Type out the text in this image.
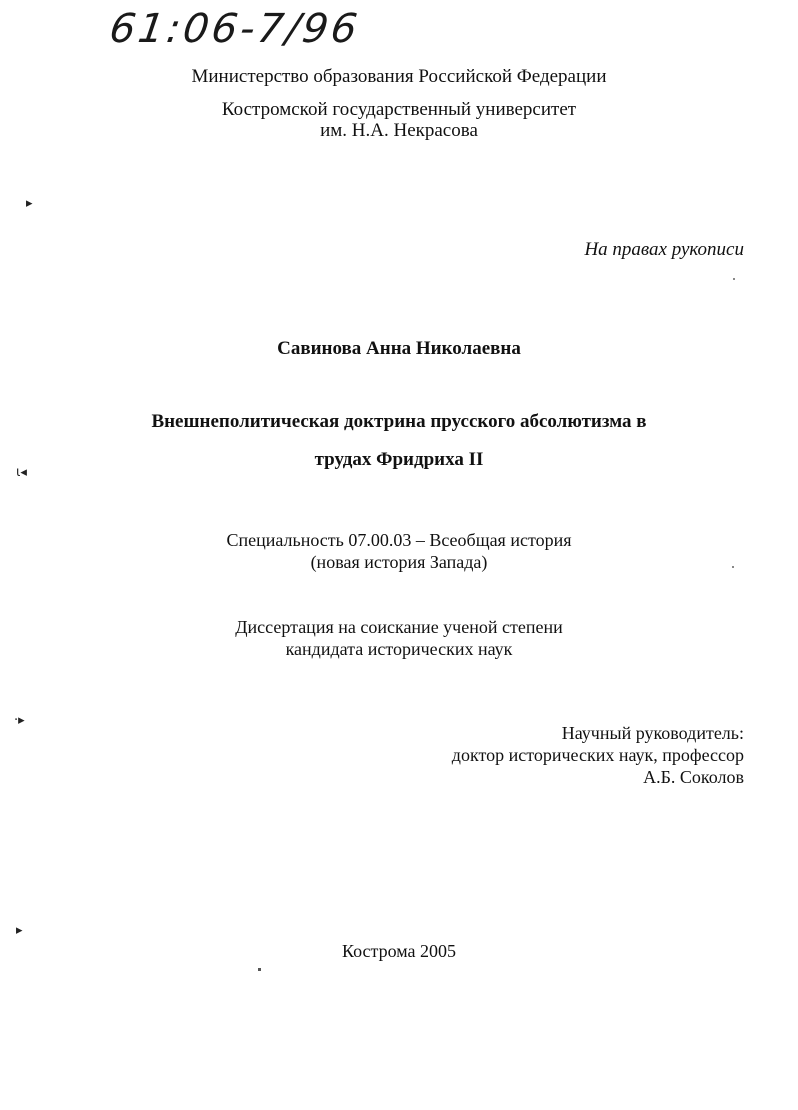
61:06-7/96
Министерство образования Российской Федерации
Костромской государственный университет
им. Н.А. Некрасова
На правах рукописи
Савинова Анна Николаевна
Внешнеполитическая доктрина прусского абсолютизма в
трудах Фридриха II
Специальность 07.00.03 – Всеобщая история
(новая история Запада)
Диссертация на соискание ученой степени
кандидата исторических наук
Научный руководитель:
доктор исторических наук, профессор
А.Б. Соколов
Кострома 2005
▸
ι◂
·▸
▸
